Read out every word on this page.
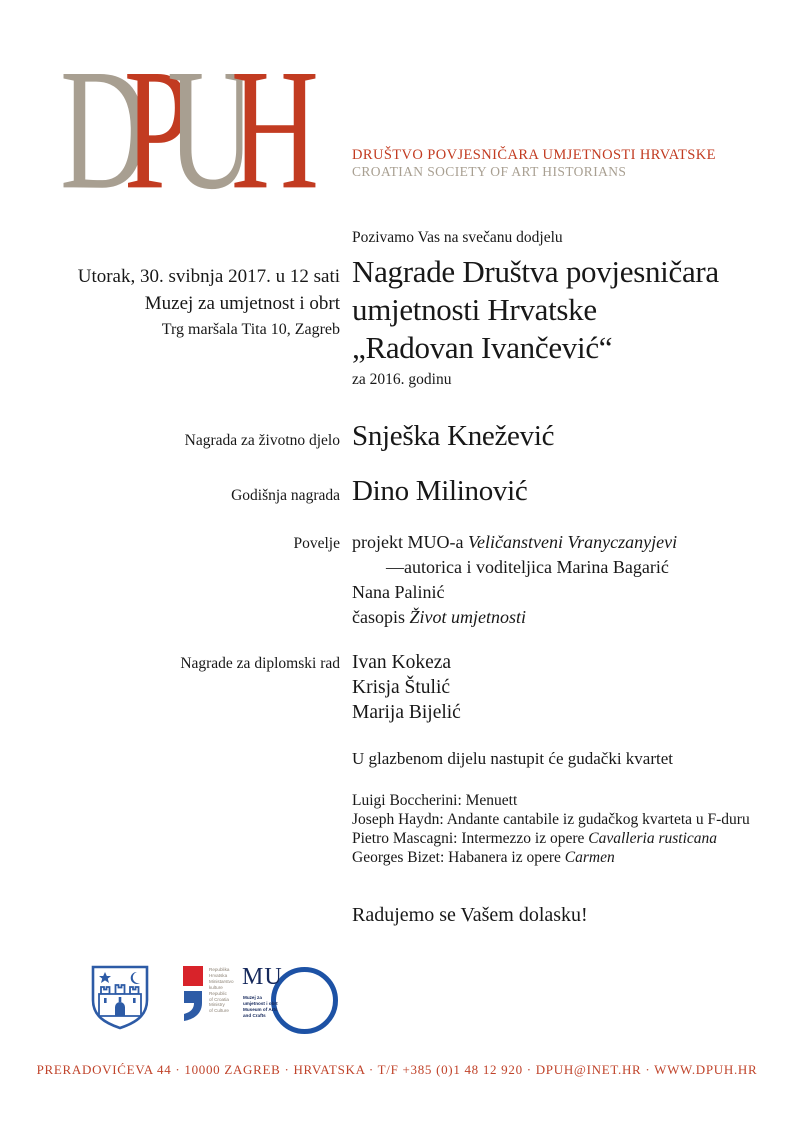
DPUH	DRUŠTVO POVJESNIČARA UMJETNOSTI HRVATSKE
CROATIAN SOCIETY OF ART HISTORIANS
Utorak, 30. svibnja 2017. u 12 sati
Muzej za umjetnost i obrt
Trg maršala Tita 10, Zagreb
Pozivamo Vas na svečanu dodjelu
Nagrade Društva povjesničara
umjetnosti Hrvatske
„Radovan Ivančević“
za 2016. godinu
Nagrada za životno djelo Snješka Knežević
Godišnja nagrada Dino Milinović
Povelje projekt MUO-a Veličanstveni Vranyczanyjevi
—autorica i voditeljica Marina Bagarić
Nana Palinić
časopis Život umjetnosti
Nagrade za diplomski rad Ivan Kokeza
Krisja Štulić
Marija Bijelić
U glazbenom dijelu nastupit će gudački kvartet
Luigi Boccherini: Menuett
Joseph Haydn: Andante cantabile iz gudačkog kvarteta u F-duru
Pietro Mascagni: Intermezzo iz opere Cavalleria rusticana
Georges Bizet: Habanera iz opere Carmen
Radujemo se Vašem dolasku!
Republika
Hrvatska
Ministarstvo
kulture
Republic
of Croatia
Ministry
of Culture
MU
Muzej za
umjetnost i obrt
Museum of Arts
and Crafts
PRERADOVIĆEVA 44 · 10000 ZAGREB · HRVATSKA · T/F +385 (0)1 48 12 920 · DPUH@INET.HR · WWW.DPUH.HR
